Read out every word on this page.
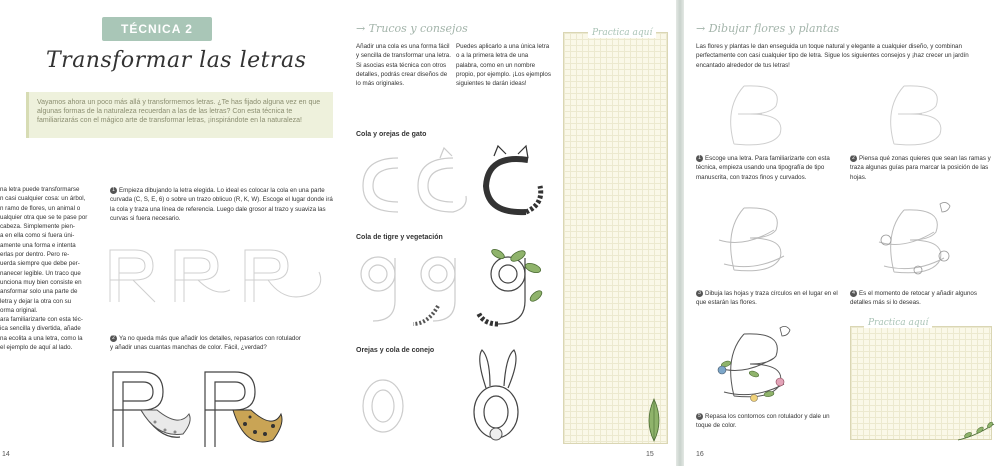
TÉCNICA 2
Transformar las letras

Vayamos ahora un poco más allá y transformemos letras. ¿Te has fijado alguna vez en que algunas formas de la naturaleza recuerdan a las de las letras? Con esta técnica te familiarizarás con el mágico arte de transformar letras, ¡inspirándote en la naturaleza!

na letra puede transformarse

n casi cualquier cosa: un árbol,

n ramo de flores, un animal o

ualquier otra que se te pase por

cabeza. Simplemente pien-

a en ella como si fuera úni-

amente una forma e intenta

erlas por dentro. Pero re-

uerda siempre que debe per-

nanecer legible. Un traco que

unciona muy bien consiste en

ansformar solo una parte de

letra y dejar la otra con su

orma original.

ara familiarizarte con esta téc-

ica sencilla y divertida, añade

na ecolita a una letra, como la

el ejemplo de aquí al lado.

1 Empieza dibujando la letra elegida. Lo ideal es colocar la cola en una parte curvada (C, S, E, 6) o sobre un trazo oblicuo (R, K, W). Escoge el lugar donde irá la cola y traza una línea de referencia. Luego dale grosor al trazo y suaviza las curvas si fuera necesario.
2 Ya no queda más que añadir los detalles, repasarlos con rotulador y añadir unas cuantas manchas de color. Fácil, ¿verdad?
14
→ Trucos y consejos
Añadir una cola es una forma fácil y sencilla de transformar una letra. Si asocias esta técnica con otros detalles, podrás crear diseños de lo más originales.
Puedes aplicarlo a una única letra o a la primera letra de una palabra, como en un nombre propio, por ejemplo. ¡Los ejemplos siguientes te darán ideas!
Cola y orejas de gato
Cola de tigre y vegetación
Orejas y cola de conejo
Practica aquí
15
→ Dibujar flores y plantas
Las flores y plantas le dan enseguida un toque natural y elegante a cualquier diseño, y combinan perfectamente con casi cualquier tipo de letra. Sigue los siguientes consejos y ¡haz crecer un jardín encantado alrededor de tus letras!
1 Escoge una letra. Para familiarizarte con esta técnica, empieza usando una tipografía de tipo manuscrita, con trazos finos y curvados.
2 Piensa qué zonas quieres que sean las ramas y traza algunas guías para marcar la posición de las hojas.
3 Dibuja las hojas y traza círculos en el lugar en el que estarán las flores.
4 Es el momento de retocar y añadir algunos detalles más si lo deseas.
5 Repasa los contornos con rotulador y dale un toque de color.
Practica aquí
16
